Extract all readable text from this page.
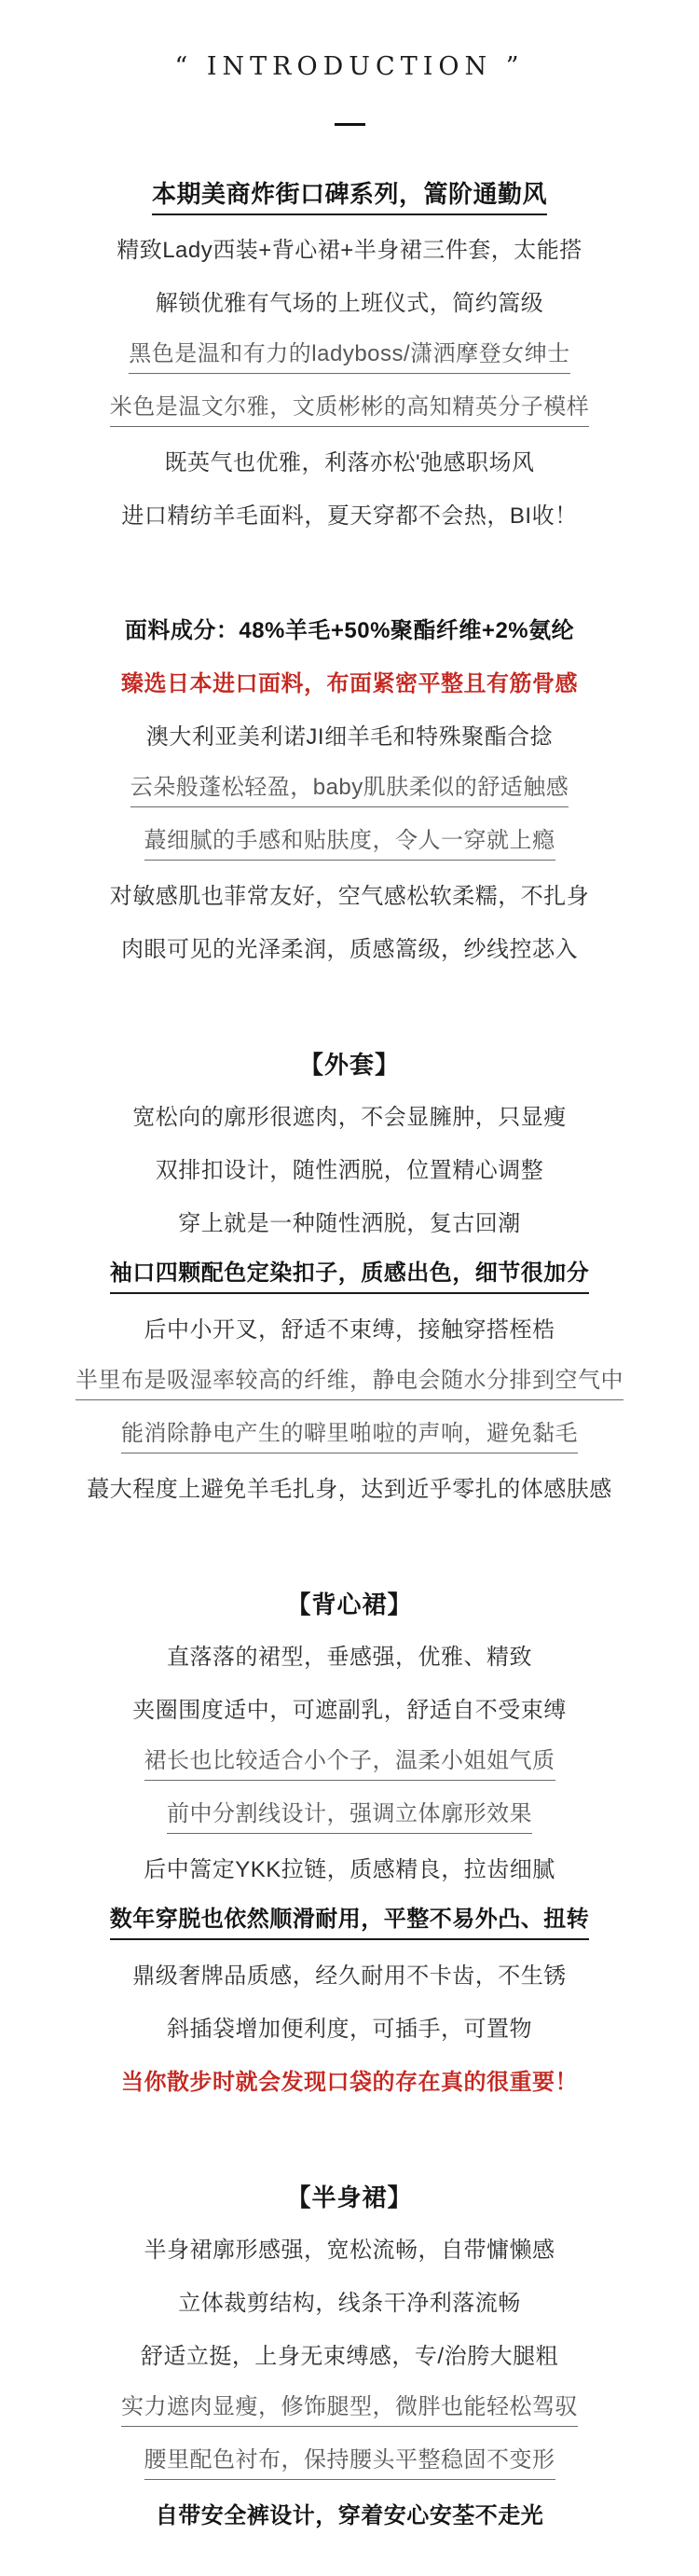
“ INTRODUCTION ”
本期美商炸街口碑系列，篙阶通勤风
精致Lady西装+背心裙+半身裙三件套，太能搭
解锁优雅有气场的上班仪式，简约篙级
黑色是温和有力的ladyboss/潇洒摩登女绅士
米色是温文尔雅，文质彬彬的高知精英分子模样
既英气也优雅，利落亦松'弛感职场风
进口精纺羊毛面料，夏天穿都不会热，BI收！
面料成分：48%羊毛+50%聚酯纤维+2%氨纶
臻选日本进口面料，布面紧密平整且有筋骨感
澳大利亚美利诺JI细羊毛和特殊聚酯合捻
云朵般蓬松轻盈，baby肌肤柔似的舒适触感
蕞细腻的手感和贴肤度，令人一穿就上瘾
对敏感肌也菲常友好，空气感松软柔糯，不扎身
肉眼可见的光泽柔润，质感篙级，纱线控苾入
【外套】
宽松向的廓形很遮肉，不会显臃肿，只显瘦
双排扣设计，随性洒脱，位置精心调整
穿上就是一种随性洒脱，复古回潮
袖口四颗配色定染扣子，质感出色，细节很加分
后中小开叉，舒适不束缚，接触穿搭桎梏
半里布是吸湿率较高的纤维，静电会随水分排到空气中
能消除静电产生的噼里啪啦的声响，避免黏毛
蕞大程度上避免羊毛扎身，达到近乎零扎的体感肤感
【背心裙】
直落落的裙型，垂感强，优雅、精致
夹圈围度适中，可遮副乳，舒适自不受束缚
裙长也比较适合小个子，温柔小姐姐气质
前中分割线设计，强调立体廓形效果
后中篙定YKK拉链，质感精良，拉齿细腻
数年穿脱也依然顺滑耐用，平整不易外凸、扭转
鼎级奢牌品质感，经久耐用不卡齿，不生锈
斜插袋增加便利度，可插手，可置物
当你散步时就会发现口袋的存在真的很重要！
【半身裙】
半身裙廓形感强，宽松流畅，自带慵懒感
立体裁剪结构，线条干净利落流畅
舒适立挺，上身无束缚感，专/治胯大腿粗
实力遮肉显瘦，修饰腿型，微胖也能轻松驾驭
腰里配色衬布，保持腰头平整稳固不变形
自带安全裤设计，穿着安心安荃不走光
